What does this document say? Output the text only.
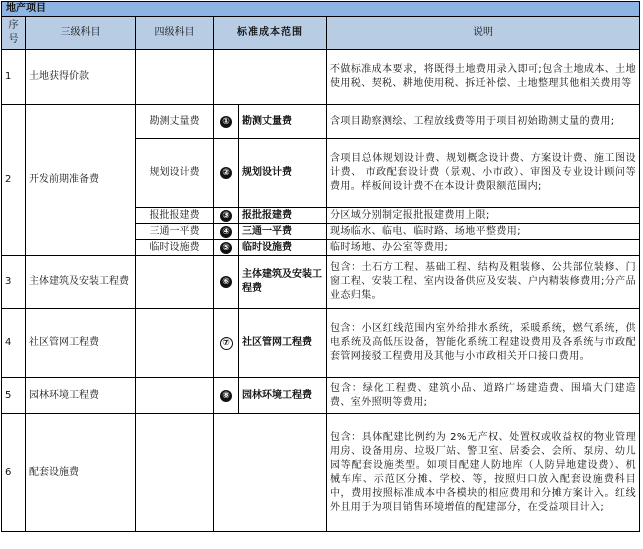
地产项目					
序号	三级科目	四级科目	标准成本范围		说明
1	土地获得价款				不做标准成本要求，将既得土地费用录入即可;包含土地成本、土地使用税、契税、耕地使用税、拆迁补偿、土地整理其他相关费用等
2	开发前期准备费	勘测丈量费	①	勘测丈量费	含项目勘察测绘、工程放线费等用于项目初始勘测丈量的费用;
		规划设计费	②	规划设计费	含项目总体规划设计费、规划概念设计费、方案设计费、施工图设计费、 市政配套设计费（景观、小市政）、审图及专业设计顾问等费用。样板间设计费不在本设计费限额范围内;
		报批报建费	③	报批报建费	分区域分别制定报批报建费用上限;
		三通一平费	④	三通一平费	现场临水、临电、临时路、场地平整费用;
		临时设施费	⑤	临时设施费	临时场地、办公室等费用;
3	主体建筑及安装工程费		⑥	主体建筑及安装工程费	包含：土石方工程、基础工程、结构及粗装修、公共部位装修、门窗工程、安装工程、室内设备供应及安装、户内精装修费用;分产品业态归集。
4	社区管网工程费		⑦	社区管网工程费	包含：小区红线范围内室外给排水系统，采暖系统，燃气系统，供电系统及高低压设备，智能化系统工程建设费用及各系统与市政配套管网接驳工程费用及其他与小市政相关开口接口费用。
5	园林环境工程费		⑧	园林环境工程费	包含：绿化工程费、建筑小品、道路广场建造费、围墙大门建造费、室外照明等费用;
6	配套设施费				包含：具体配建比例约为 2%无产权、处置权或收益权的物业管理用房、设备用房、垃圾厂站、警卫室、居委会、会所、泵房、幼儿园等配套设施类型。如项目配建人防地库（人防异地建设费）、机械车库、示范区分摊、学校、等，按照归口放入配套设施费科目中，费用按照标准成本中各模块的相应费用和分摊方案计入。红线外且用于为项目销售环境增值的配建部分，在受益项目计入;
